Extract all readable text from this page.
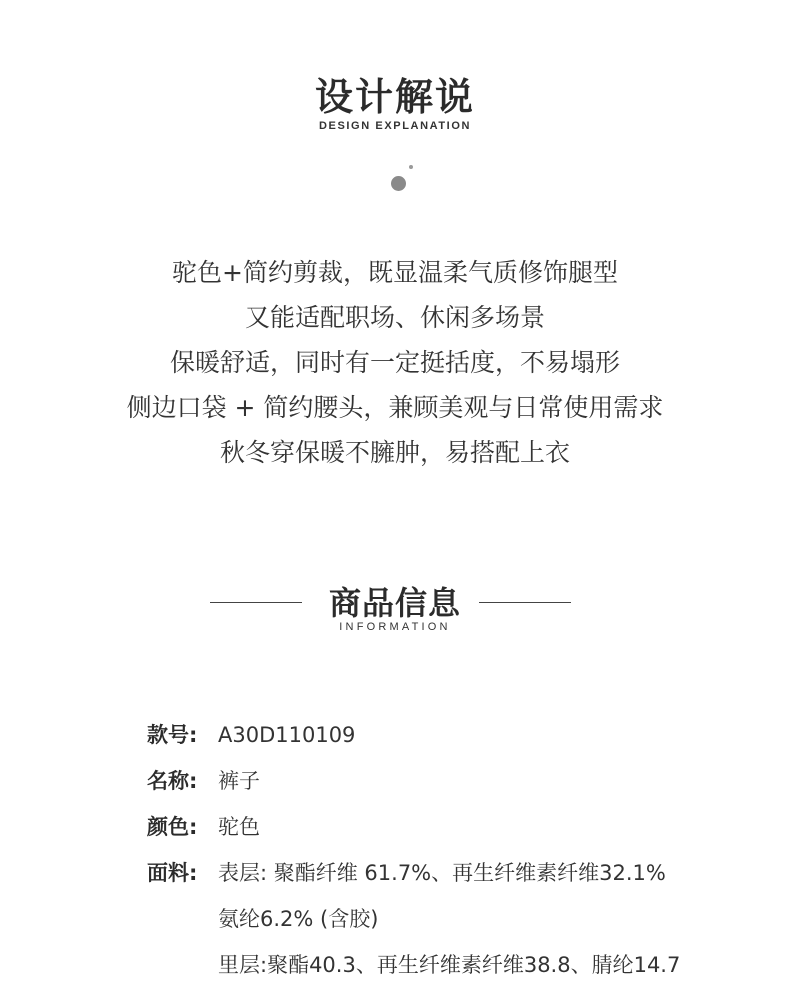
设计解说
DESIGN EXPLANATION
驼色+简约剪裁，既显温柔气质修饰腿型
又能适配职场、休闲多场景
保暖舒适，同时有一定挺括度，不易塌形
侧边口袋 + 简约腰头，兼顾美观与日常使用需求
秋冬穿保暖不臃肿，易搭配上衣
商品信息
INFORMATION
款号: A30D110109
名称: 裤子
颜色: 驼色
面料: 表层: 聚酯纤维 61.7%、再生纤维素纤维32.1%
氨纶6.2% (含胶)
里层:聚酯40.3、再生纤维素纤维38.8、腈纶14.7
